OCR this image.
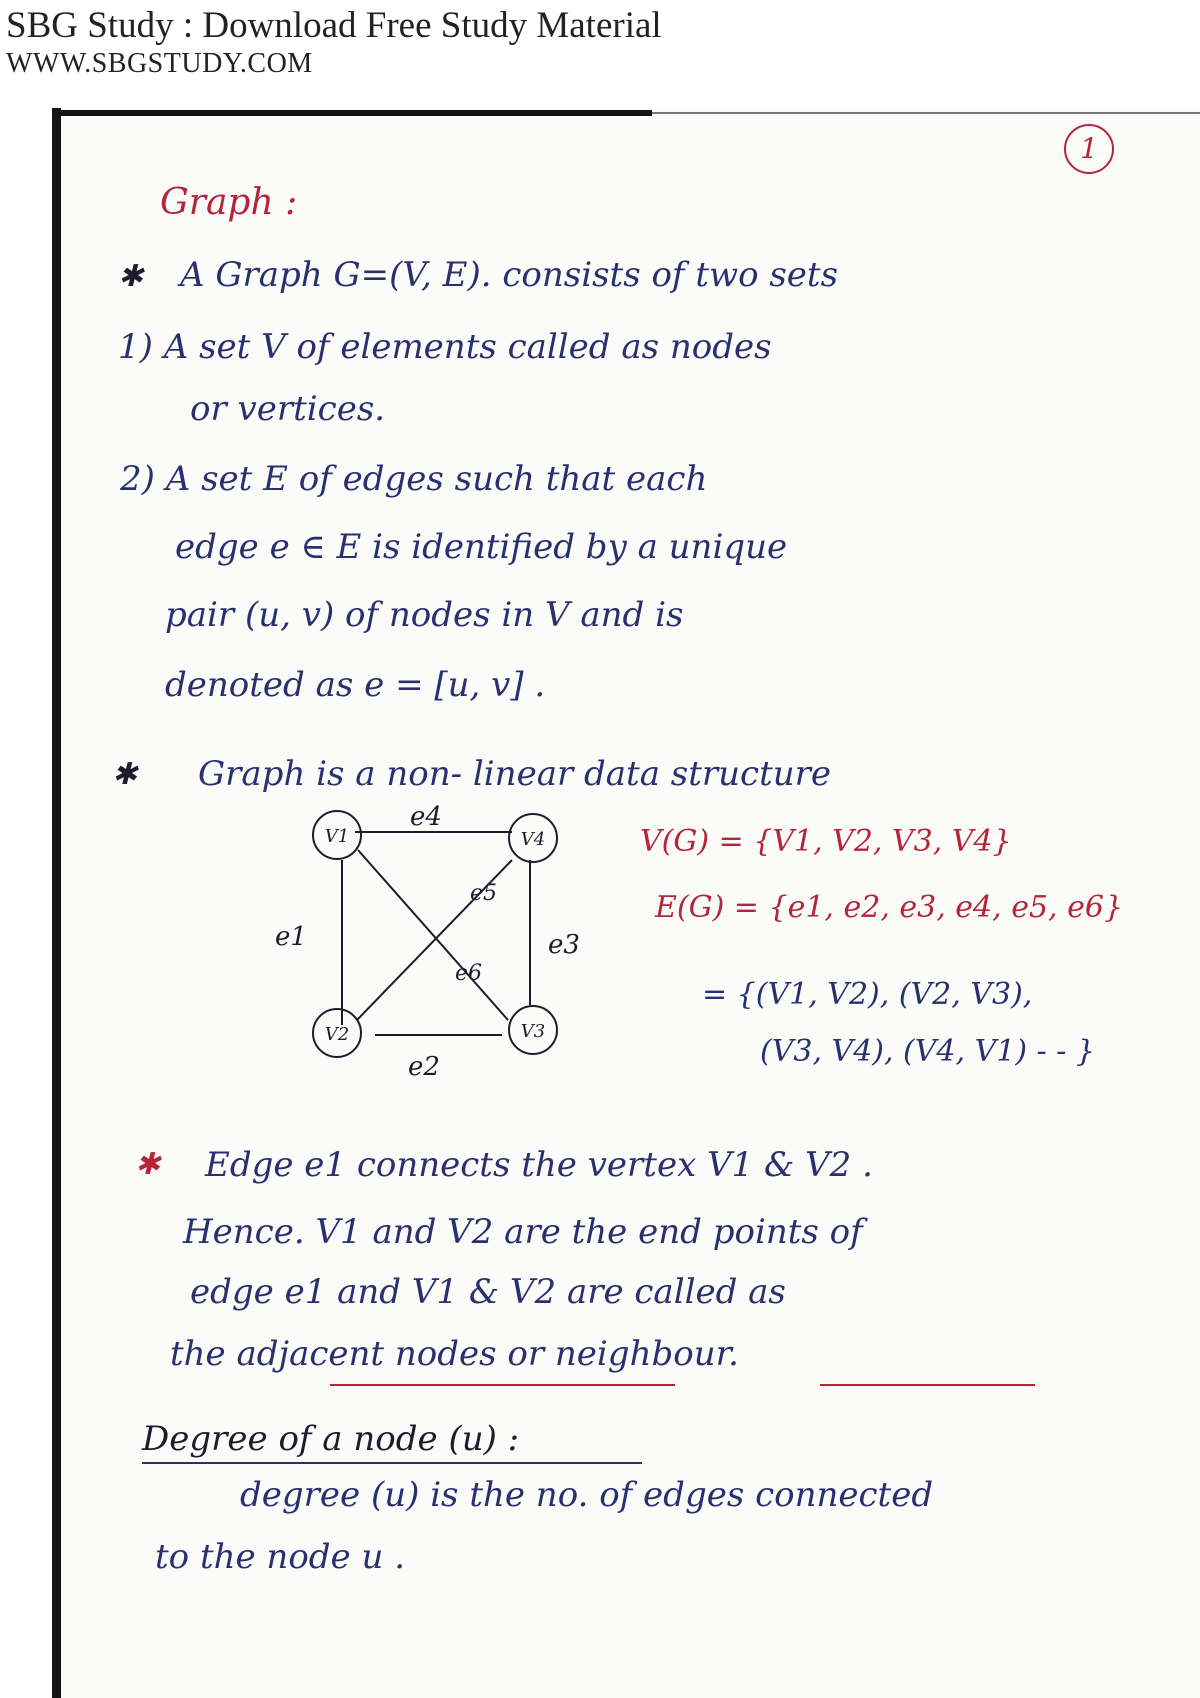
SBG Study : Download Free Study Material
WWW.SBGSTUDY.COM
1
Graph :
✱ A Graph G=(V, E). consists of two sets
1) A set V of elements called as nodes
or vertices.
2) A set E of edges such that each
edge e ∈ E is identified by a unique
pair (u, v) of nodes in V and is
denoted as e = [u, v] .
✱ Graph is a non- linear data structure
V1	V4
V2	V3
e1
e2
e3
e4
e5
e6
V(G) = {V1, V2, V3, V4}
E(G) = {e1, e2, e3, e4, e5, e6}
= {(V1, V2), (V2, V3),
(V3, V4), (V4, V1) - - }
✱ Edge e1 connects the vertex V1 & V2 .
Hence. V1 and V2 are the end points of
edge e1 and V1 & V2 are called as
the adjacent nodes or neighbour.
Degree of a node (u) :
degree (u) is the no. of edges connected
to the node u .
